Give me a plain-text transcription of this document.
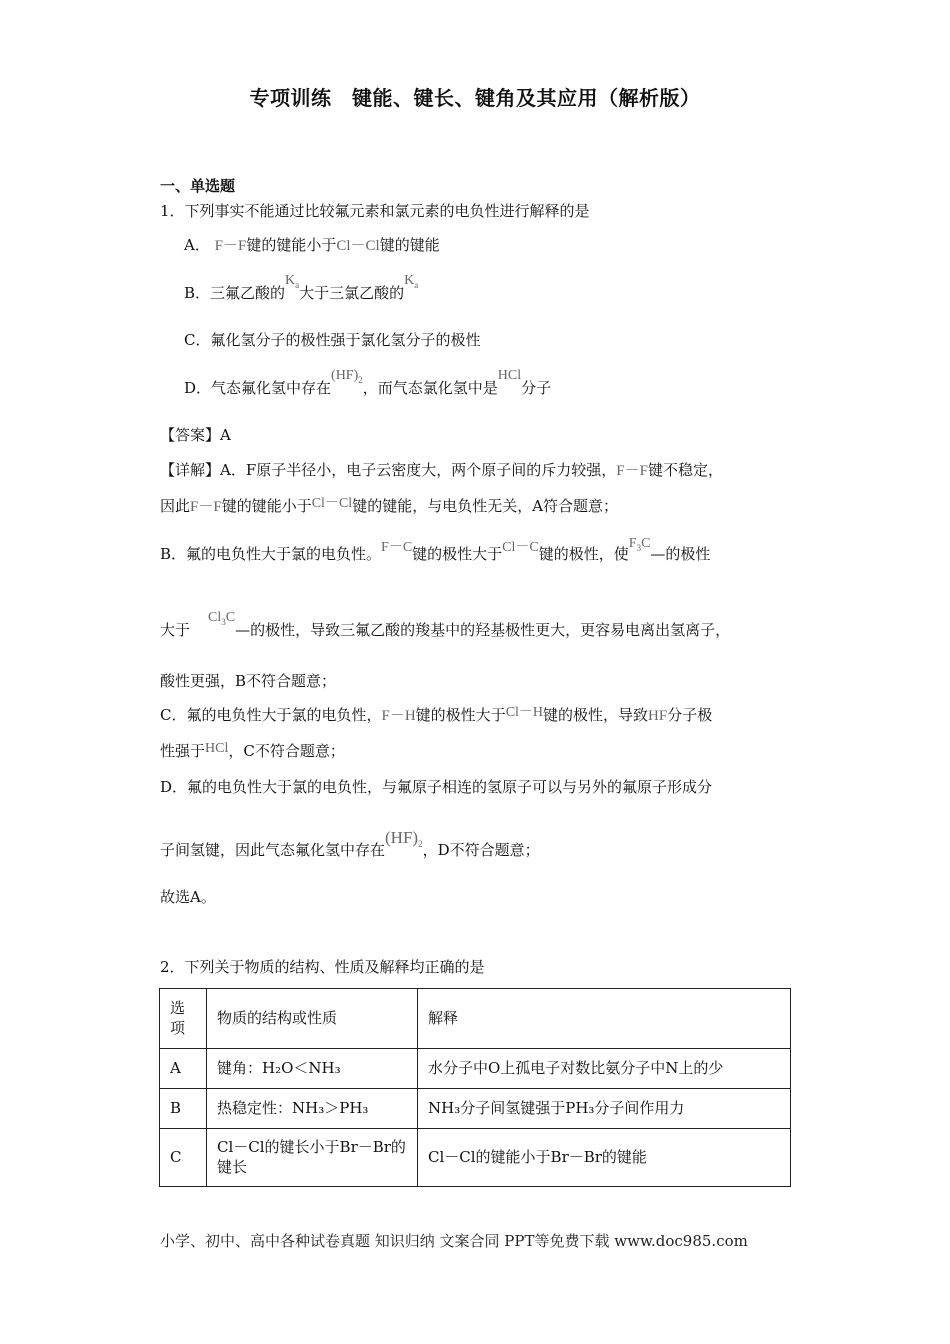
专项训练　键能、键长、键角及其应用（解析版）
一、单选题
1．下列事实不能通过比较氟元素和氯元素的电负性进行解释的是
A． F－F键的键能小于Cl－Cl键的键能
B．三氟乙酸的$K_a$大于三氯乙酸的$K_a$
C．氟化氢分子的极性强于氯化氢分子的极性
D．气态氟化氢中存在$(HF)_2$，而气态氯化氢中是HCl分子
【答案】A
【详解】A．F原子半径小，电子云密度大，两个原子间的斥力较强，F－F键不稳定，
因此F－F键的键能小于Cl－Cl键的键能，与电负性无关，A符合题意；
B．氟的电负性大于氯的电负性。F－C键的极性大于Cl－C键的极性，使$F_3C—$的极性
大于$Cl_3C—$的极性，导致三氟乙酸的羧基中的羟基极性更大，更容易电离出氢离子，
酸性更强，B不符合题意；
C．氟的电负性大于氯的电负性，F－H键的极性大于Cl－H键的极性，导致HF分子极
性强于HCl，C不符合题意；
D．氟的电负性大于氯的电负性，与氟原子相连的氢原子可以与另外的氟原子形成分
子间氢键，因此气态氟化氢中存在$(HF)_2$，D不符合题意；
故选A。
2．下列关于物质的结构、性质及解释均正确的是
选项	物质的结构或性质	解释
A	键角：H₂O＜NH₃	水分子中O上孤电子对数比氨分子中N上的少
B	热稳定性：NH₃＞PH₃	NH₃分子间氢键强于PH₃分子间作用力
C	Cl－Cl的键长小于Br－Br的键长	Cl－Cl的键能小于Br－Br的键能
小学、初中、高中各种试卷真题 知识归纳 文案合同 PPT等免费下载 www.doc985.com
